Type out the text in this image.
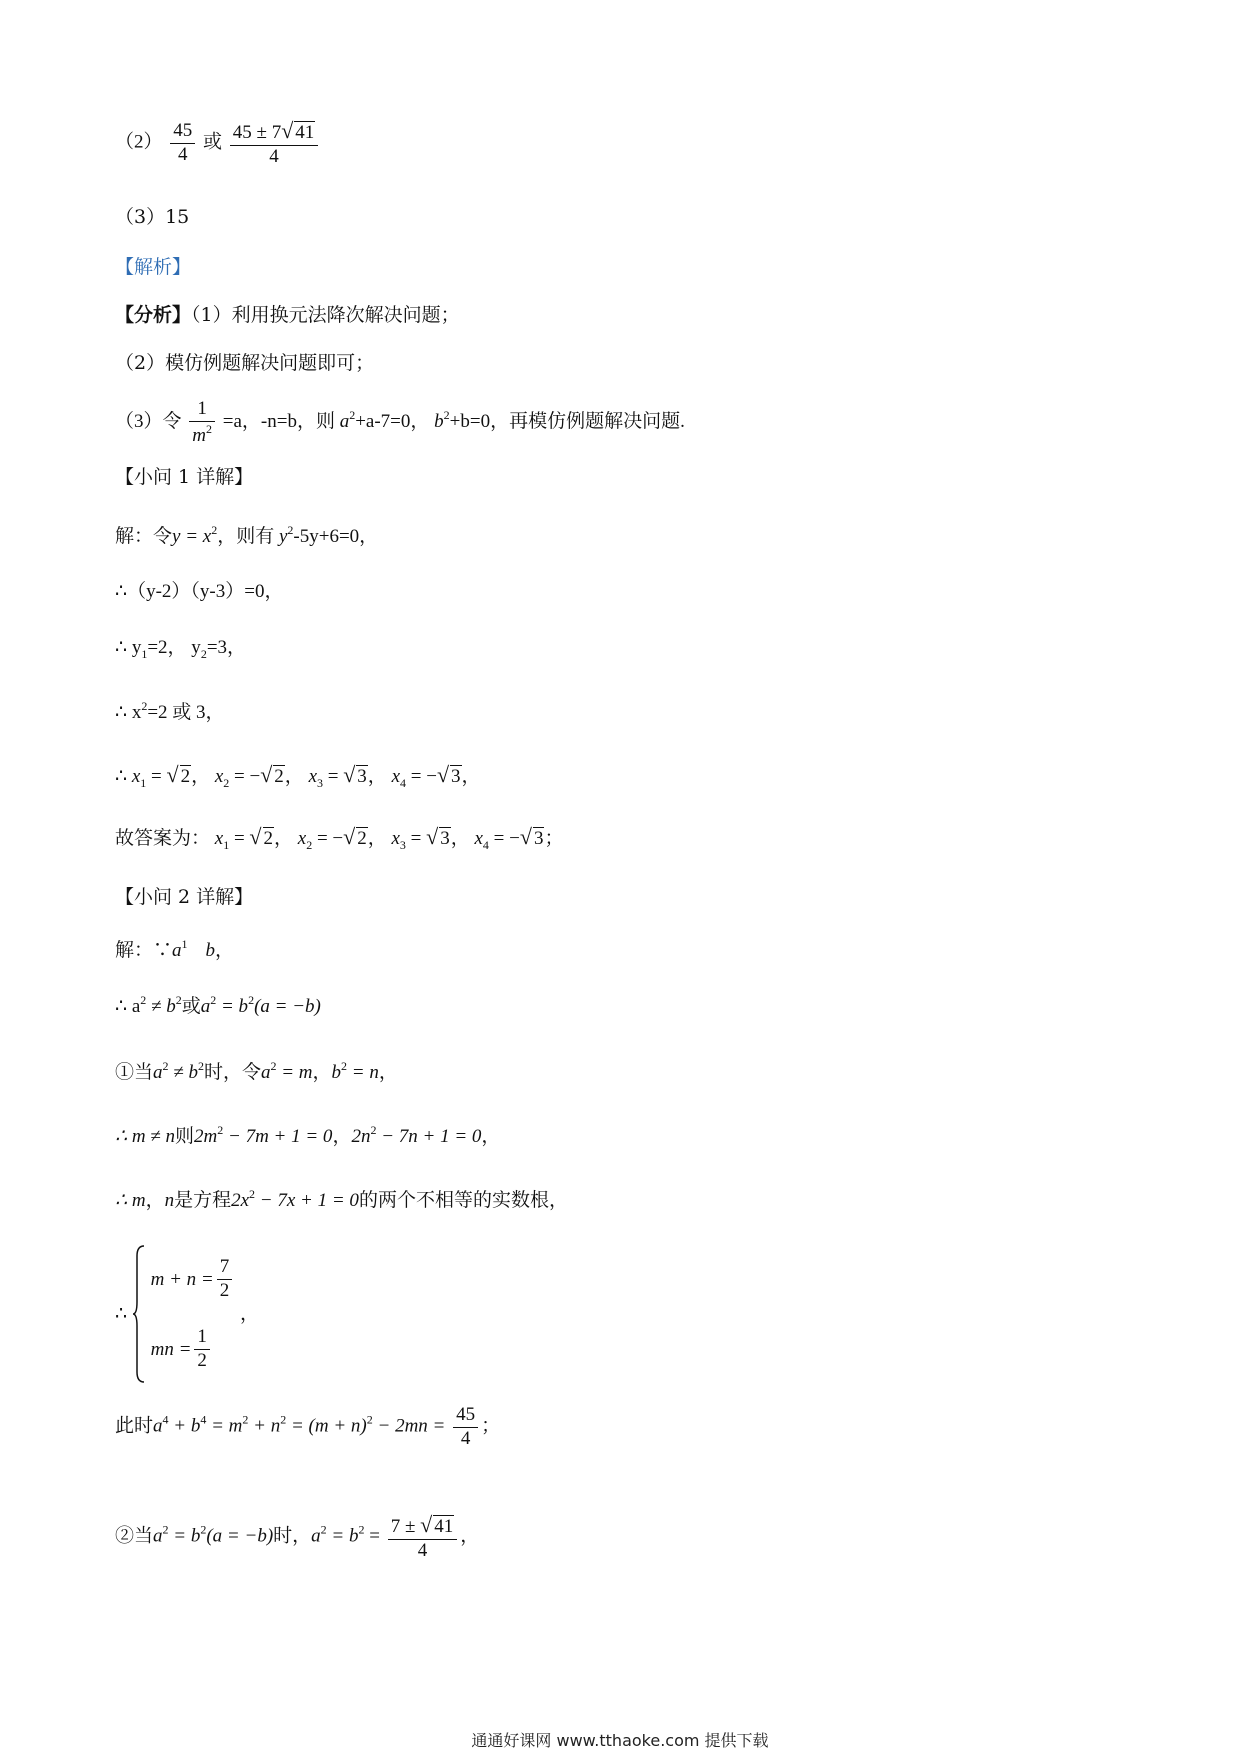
$(2) \frac{45}{4}$ 或 $\frac{45 \pm 7√ 41}{4}$
（3）15
【解析】
【分析】（1）利用换元法降次解决问题；
（2）模仿例题解决问题即可；
（3）令 $\frac{1}{m^2} =a$，-n=b，则 $a^2+a-7=0$， $b^2+b=0$，再模仿例题解决问题.
【小问 1 详解】
解：令$y = x^2$，则有 $y^2-5y+6=0$，
∴（y-2）（y-3）=0，
∴ $y_1=2$， $y_2=3$，
∴ $x^2=2$ 或 3，
∴ $x_1$ = √ 2， $x_2$ = −√ 2， $x_3$ = √ 3， $x_4$ = −√ 3，
故答案为： $x_1$ = √ 2， $x_2$ = −√ 2， $x_3$ = √ 3， $x_4$ = −√ 3；
【小问 2 详解】
解：$\because a^1$ b，
∴ $a^2 \ne b^2$或$a^2 = b^2(a = -b)$
①当$a^2 \ne b^2$时，令$a^2 = m$，$b^2 = n$，
∴ m ≠ n则$2m^2 - 7m + 1 = 0$，$2n^2 - 7n + 1 = 0$，
∴ m，n是方程$2x^2 - 7x + 1 = 0$的两个不相等的实数根，
∴

$m + n = \frac{7}{2}$
mn = $\frac{1}{2}$
，
此时$a^4 + b^4 = m^2 + n^2 = (m + n)^2 - 2mn = \frac{45}{4}$ ；
②当$a^2 = b^2(a = -b)$时，$a^2 = b^2 = \frac{7 \pm √ 41}{4}$ ，
通通好课网 www.tthaoke.com 提供下载
